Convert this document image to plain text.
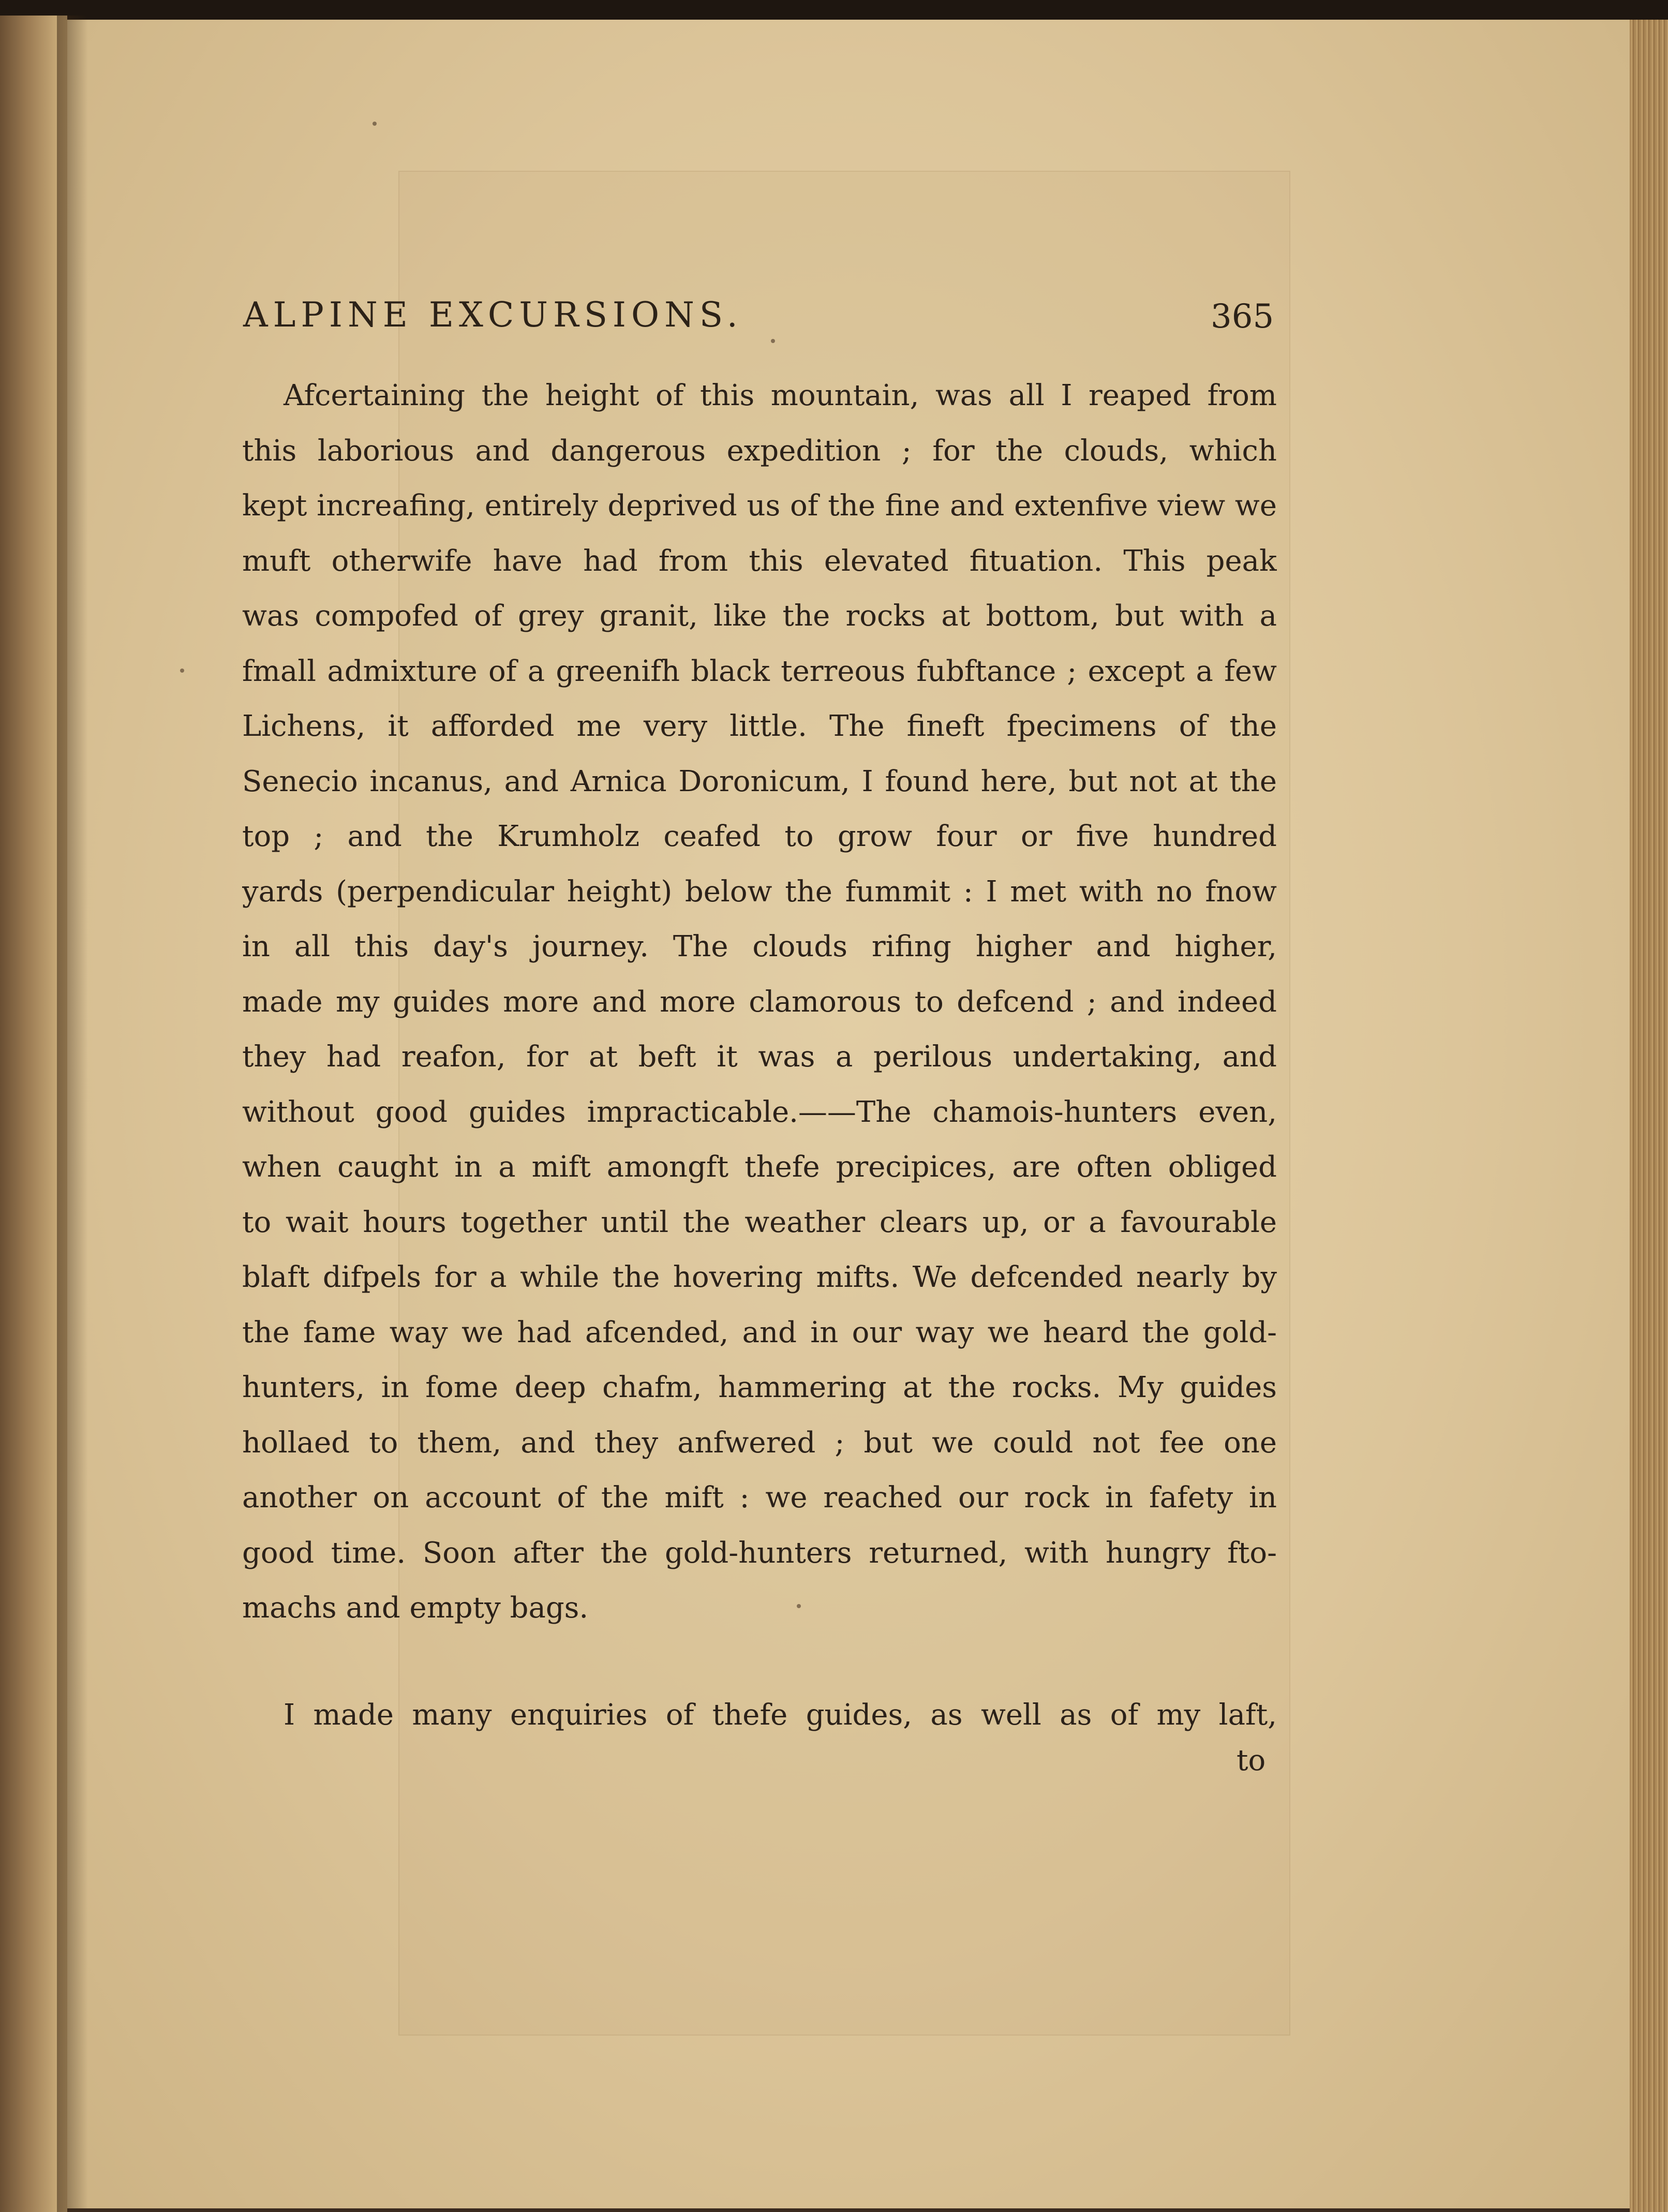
ALPINE EXCURSIONS.	365
Afcertaining the height of this mountain, was all I reaped from
this laborious and dangerous expedition ; for the clouds, which
kept increafing, entirely deprived us of the fine and extenfive view we
muft otherwife have had from this elevated fituation. This peak
was compofed of grey granit, like the rocks at bottom, but with a
fmall admixture of a greenifh black terreous fubftance ; except a few
Lichens, it afforded me very little. The fineft fpecimens of the
Senecio incanus, and Arnica Doronicum, I found here, but not at the
top ; and the Krumholz ceafed to grow four or five hundred
yards (perpendicular height) below the fummit : I met with no fnow
in all this day's journey. The clouds rifing higher and higher,
made my guides more and more clamorous to defcend ; and indeed
they had reafon, for at beft it was a perilous undertaking, and
without good guides impracticable.——The chamois-hunters even,
when caught in a mift amongft thefe precipices, are often obliged
to wait hours together until the weather clears up, or a favourable
blaft difpels for a while the hovering mifts. We defcended nearly by
the fame way we had afcended, and in our way we heard the gold-
hunters, in fome deep chafm, hammering at the rocks. My guides
hollaed to them, and they anfwered ; but we could not fee one
another on account of the mift : we reached our rock in fafety in
good time. Soon after the gold-hunters returned, with hungry fto-
machs and empty bags.
I made many enquiries of thefe guides, as well as of my laft,
to
